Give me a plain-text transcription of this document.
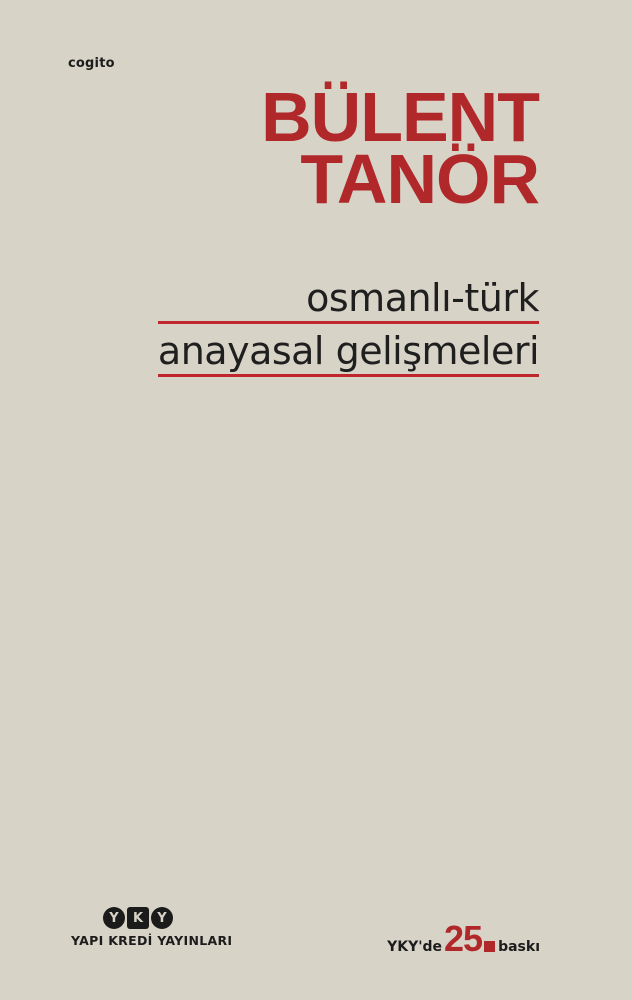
cogito
BÜLENT
TANÖR
osmanlı-türk
anayasal gelişmeleri
Y	K	Y
YAPI KREDİ YAYINLARI	YKY'de 25 baskı
